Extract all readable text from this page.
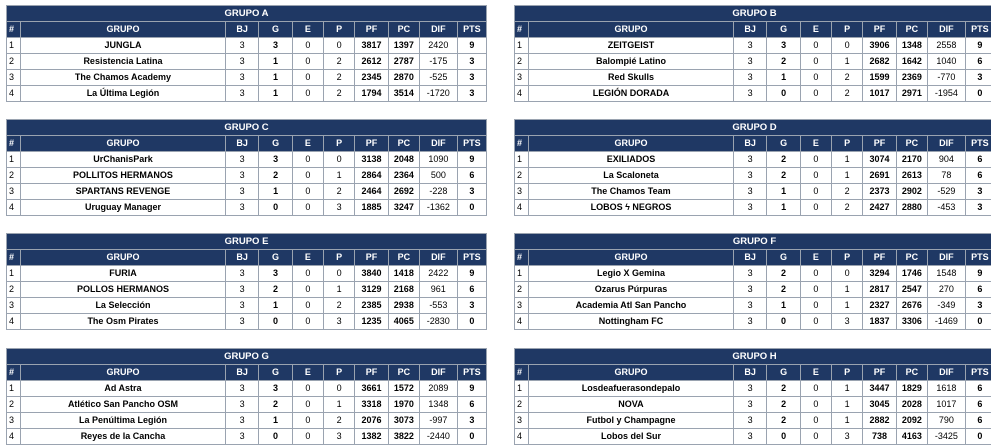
GRUPO A									
#	GRUPO	BJ	G	E	P	PF	PC	DIF	PTS
1	JUNGLA	3	3	0	0	3817	1397	2420	9
2	Resistencia Latina	3	1	0	2	2612	2787	-175	3
3	The Chamos Academy	3	1	0	2	2345	2870	-525	3
4	La Última Legión	3	1	0	2	1794	3514	-1720	3
GRUPO B									
#	GRUPO	BJ	G	E	P	PF	PC	DIF	PTS
1	ZEITGEIST	3	3	0	0	3906	1348	2558	9
2	Balompié Latino	3	2	0	1	2682	1642	1040	6
3	Red Skulls	3	1	0	2	1599	2369	-770	3
4	LEGIÓN DORADA	3	0	0	2	1017	2971	-1954	0
GRUPO C									
#	GRUPO	BJ	G	E	P	PF	PC	DIF	PTS
1	UrChanisPark	3	3	0	0	3138	2048	1090	9
2	POLLITOS HERMANOS	3	2	0	1	2864	2364	500	6
3	SPARTANS REVENGE	3	1	0	2	2464	2692	-228	3
4	Uruguay Manager	3	0	0	3	1885	3247	-1362	0
GRUPO D									
#	GRUPO	BJ	G	E	P	PF	PC	DIF	PTS
1	EXILIADOS	3	2	0	1	3074	2170	904	6
2	La Scaloneta	3	2	0	1	2691	2613	78	6
3	The Chamos Team	3	1	0	2	2373	2902	-529	3
4	LOBOS ϟ NEGROS	3	1	0	2	2427	2880	-453	3
GRUPO E									
#	GRUPO	BJ	G	E	P	PF	PC	DIF	PTS
1	FURIA	3	3	0	0	3840	1418	2422	9
2	POLLOS HERMANOS	3	2	0	1	3129	2168	961	6
3	La Selección	3	1	0	2	2385	2938	-553	3
4	The Osm Pirates	3	0	0	3	1235	4065	-2830	0
GRUPO F									
#	GRUPO	BJ	G	E	P	PF	PC	DIF	PTS
1	Legio X Gemina	3	2	0	0	3294	1746	1548	9
2	Ozarus Púrpuras	3	2	0	1	2817	2547	270	6
3	Academia Atl San Pancho	3	1	0	1	2327	2676	-349	3
4	Nottingham FC	3	0	0	3	1837	3306	-1469	0
GRUPO G									
#	GRUPO	BJ	G	E	P	PF	PC	DIF	PTS
1	Ad Astra	3	3	0	0	3661	1572	2089	9
2	Atlético San Pancho OSM	3	2	0	1	3318	1970	1348	6
3	La Penúltima Legión	3	1	0	2	2076	3073	-997	3
4	Reyes de la Cancha	3	0	0	3	1382	3822	-2440	0
GRUPO H									
#	GRUPO	BJ	G	E	P	PF	PC	DIF	PTS
1	Losdeafuerasondepalo	3	2	0	1	3447	1829	1618	6
2	NOVA	3	2	0	1	3045	2028	1017	6
3	Futbol y Champagne	3	2	0	1	2882	2092	790	6
4	Lobos del Sur	3	0	0	3	738	4163	-3425	0
